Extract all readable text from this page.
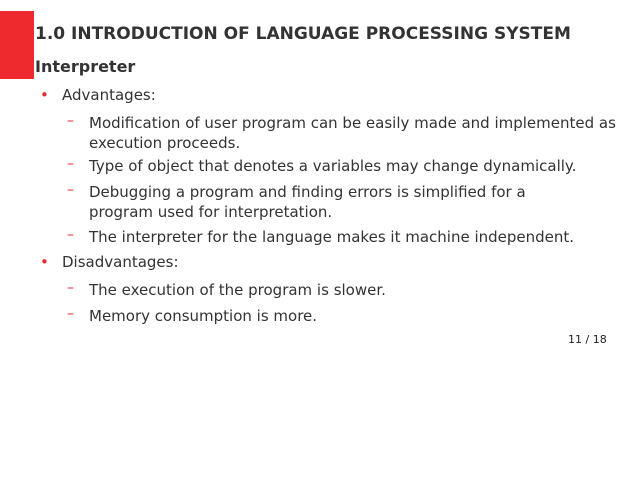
1.0 INTRODUCTION OF LANGUAGE PROCESSING SYSTEM
Interpreter
• Advantages:
– Modification of user program can be easily made and implemented as execution proceeds.
– Type of object that denotes a variables may change dynamically.
– Debugging a program and finding errors is simplified for a program used for interpretation.
– The interpreter for the language makes it machine independent.
• Disadvantages:
– The execution of the program is slower.
– Memory consumption is more.
11 / 18
